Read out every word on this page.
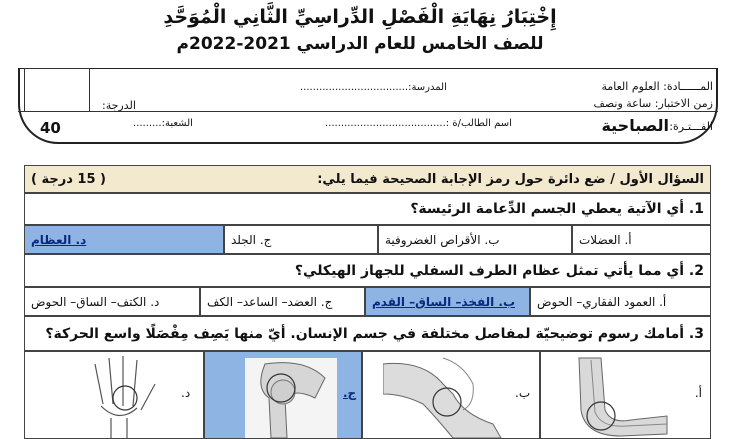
إِخْتِبَارُ نِهَايَةِ الْفَصْلِ الدِّراسِيِّ الثَّانِي الْمُوَحَّدِ
للصف الخامس للعام الدراسي 2021-2022م
المــــــادة: العلوم العامة
زمن الاختبار: ساعة ونصف
الفـــتـرة:
الصباحية
المدرسة:..................................
الدرجة:
اسم الطالب/ة :......................................
الشعبة:.........
40
السؤال الأول / ضع دائرة حول رمز الإجابة الصحيحة فيما يلي:
( 15 درجة )
1. أي الآتية يعطي الجسم الدِّعامة الرئيسة؟
أ. العضلات
ب. الأقراص الغضروفية
ج. الجلد
د. العظام
2. أي مما يأتي تمثل عظام الطرف السفلي للجهاز الهيكلي؟
أ. العمود الفقاري– الحوض
ب. الفخذ– الساق– القدم
ج. العضد– الساعد– الكف
د. الكتف– الساق– الحوض
3. أمامك رسوم توضيحيّة لمفاصل مختلفة في جسم الإنسان. أيّ منها يَصِف مِفْصَلًا واسع الحركة؟
أ.
ب.
ج.
د.
